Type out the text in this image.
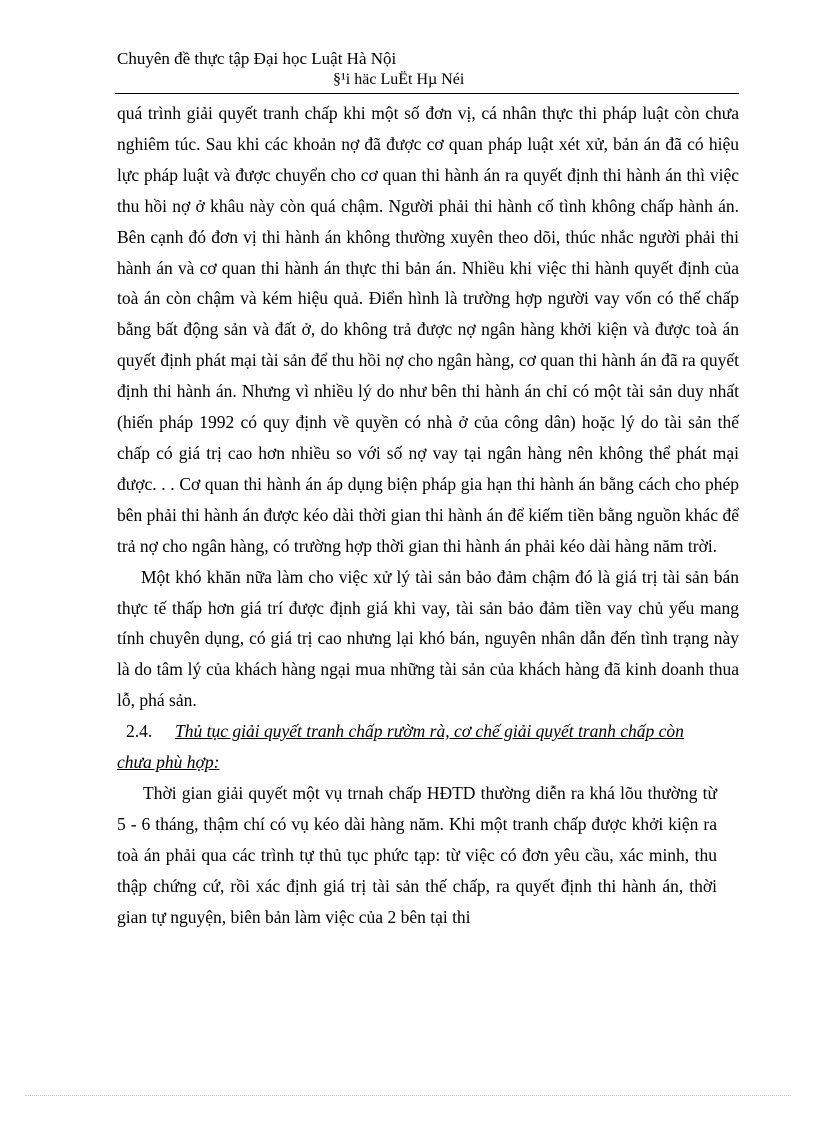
Chuyên đề thực tập Đại học Luật Hà Nội
§¹i häc LuËt Hµ Néi

quá trình giải quyết tranh chấp khi một số đơn vị, cá nhân thực thi pháp luật còn chưa nghiêm túc. Sau khi các khoản nợ đã được cơ quan pháp luật xét xử, bản án đã có hiệu lực pháp luật và được chuyển cho cơ quan thi hành án ra quyết định thi hành án thì việc thu hồi nợ ở khâu này còn quá chậm. Người phải thi hành cố tình không chấp hành án. Bên cạnh đó đơn vị thi hành án không thường xuyên theo dõi, thúc nhắc người phải thi hành án và cơ quan thi hành án thực thi bản án. Nhiều khi việc thi hành quyết định của toà án còn chậm và kém hiệu quả. Điển hình là trường hợp người vay vốn có thế chấp bằng bất động sản và đất ở, do không trả được nợ ngân hàng khởi kiện và được toà án quyết định phát mại tài sản để thu hồi nợ cho ngân hàng, cơ quan thi hành án đã ra quyết định thi hành án. Nhưng vì nhiều lý do như bên thi hành án chỉ có một tài sản duy nhất (hiến pháp 1992 có quy định về quyền có nhà ở của công dân) hoặc lý do tài sản thế chấp có giá trị cao hơn nhiều so với số nợ vay tại ngân hàng nên không thể phát mại được. . . Cơ quan thi hành án áp dụng biện pháp gia hạn thi hành án bằng cách cho phép bên phải thi hành án được kéo dài thời gian thi hành án để kiếm tiền bằng nguồn khác để trả nợ cho ngân hàng, có trường hợp thời gian thi hành án phải kéo dài hàng năm trời.

Một khó khăn nữa làm cho việc xử lý tài sản bảo đảm chậm đó là giá trị tài sản bán thực tế thấp hơn giá trí được định giá khi vay, tài sản bảo đảm tiền vay chủ yếu mang tính chuyên dụng, có giá trị cao nhưng lại khó bán, nguyên nhân dẫn đến tình trạng này là do tâm lý của khách hàng ngại mua những tài sản của khách hàng đã kinh doanh thua lỗ, phá sản.

2.4.	Thủ tục giải quyết tranh chấp rườm rà, cơ chế giải quyết tranh chấp còn

chưa phù hợp:

Thời gian giải quyết một vụ trnah chấp HĐTD thường diễn ra khá lõu thường từ 5 - 6 tháng, thậm chí có vụ kéo dài hàng năm. Khi một tranh chấp được khởi kiện ra toà án phải qua các trình tự thủ tục phức tạp: từ việc có đơn yêu cầu, xác minh, thu thập chứng cứ, rồi xác định giá trị tài sản thế chấp, ra quyết định thi hành án, thời gian tự nguyện, biên bản làm việc của 2 bên tại thi
